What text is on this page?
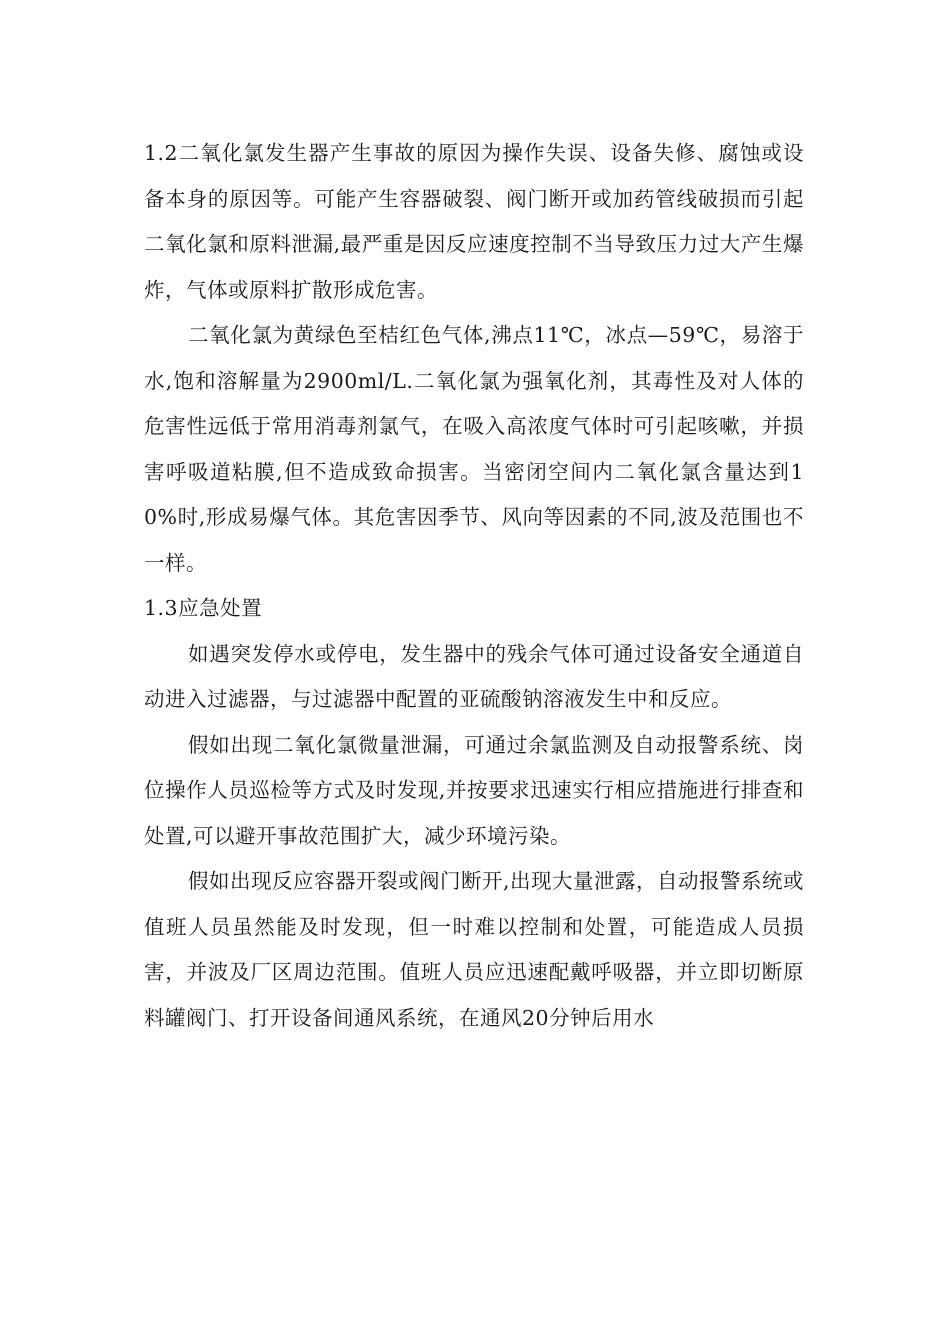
1.2二氧化氯发生器产生事故的原因为操作失误、设备失修、腐蚀或设备本身的原因等。可能产生容器破裂、阀门断开或加药管线破损而引起二氧化氯和原料泄漏,最严重是因反应速度控制不当导致压力过大产生爆炸，气体或原料扩散形成危害。

二氧化氯为黄绿色至桔红色气体,沸点11℃，冰点—59℃，易溶于水,饱和溶解量为2900ml/L.二氧化氯为强氧化剂，其毒性及对人体的危害性远低于常用消毒剂氯气，在吸入高浓度气体时可引起咳嗽，并损害呼吸道粘膜,但不造成致命损害。当密闭空间内二氧化氯含量达到10%时,形成易爆气体。其危害因季节、风向等因素的不同,波及范围也不一样。

1.3应急处置

如遇突发停水或停电，发生器中的残余气体可通过设备安全通道自动进入过滤器，与过滤器中配置的亚硫酸钠溶液发生中和反应。

假如出现二氧化氯微量泄漏，可通过余氯监测及自动报警系统、岗位操作人员巡检等方式及时发现,并按要求迅速实行相应措施进行排查和处置,可以避开事故范围扩大，减少环境污染。

假如出现反应容器开裂或阀门断开,出现大量泄露，自动报警系统或值班人员虽然能及时发现，但一时难以控制和处置，可能造成人员损害，并波及厂区周边范围。值班人员应迅速配戴呼吸器，并立即切断原料罐阀门、打开设备间通风系统，在通风20分钟后用水
